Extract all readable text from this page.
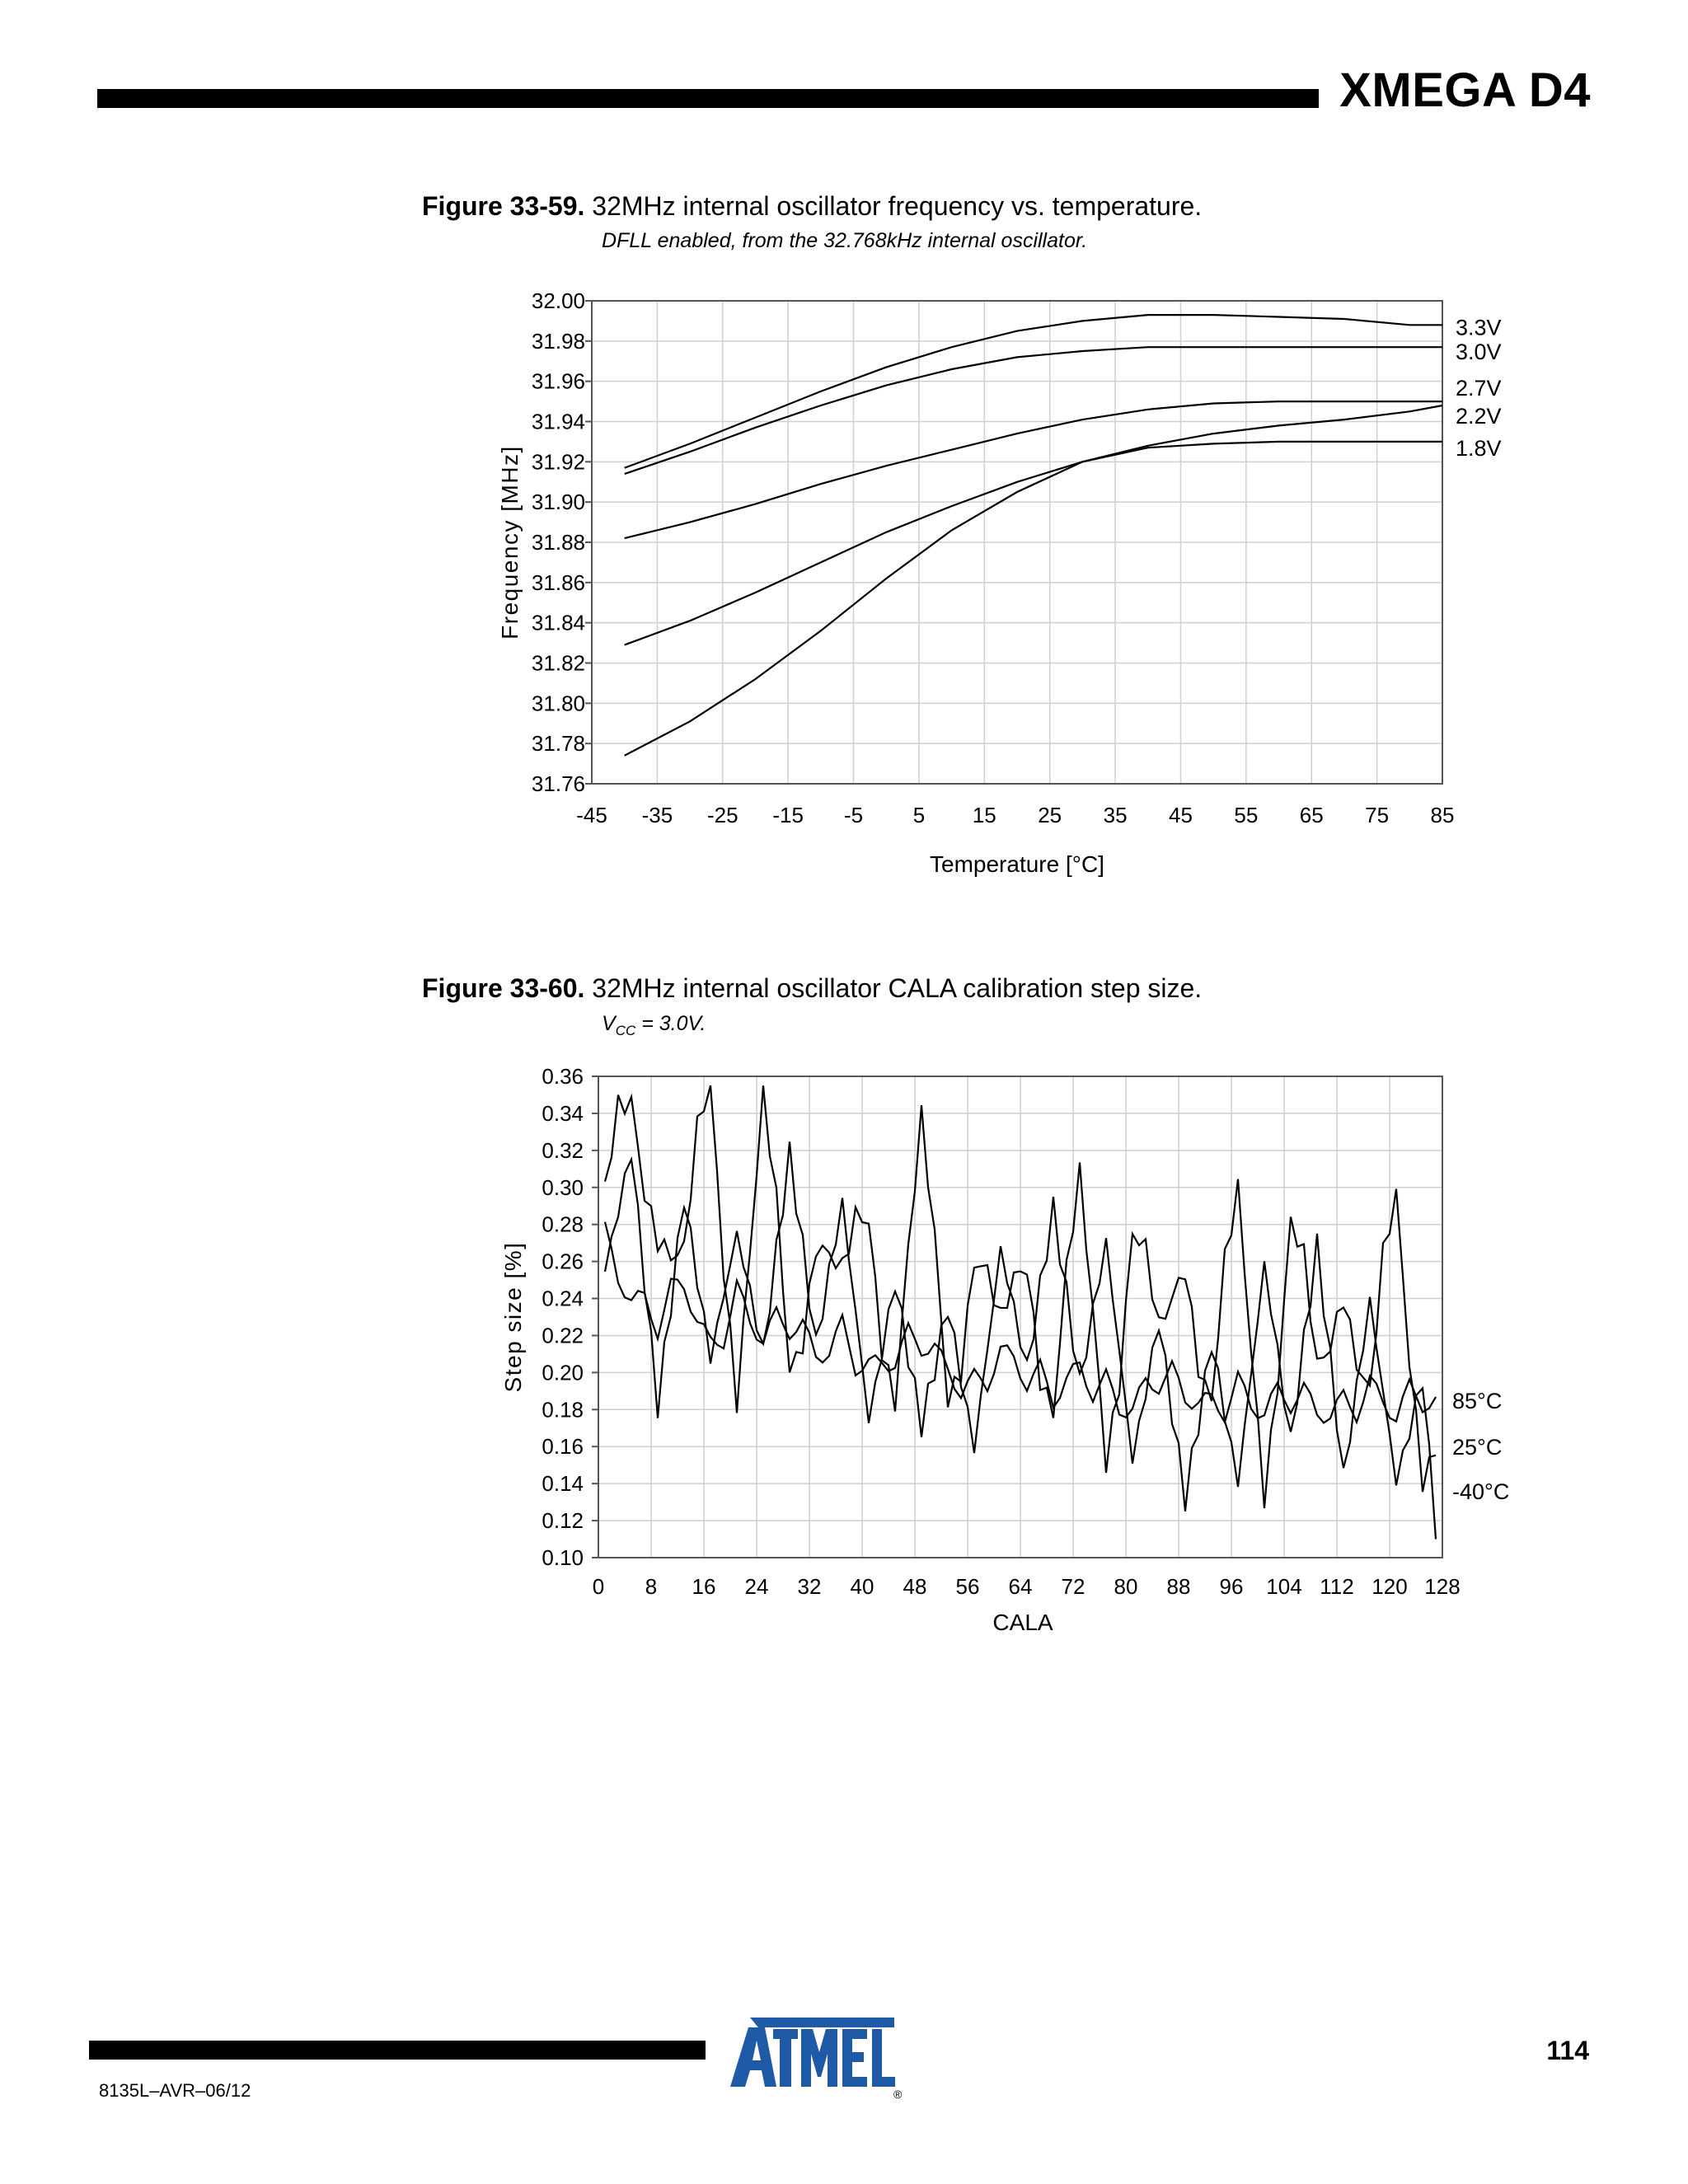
XMEGA D4
Figure 33-59. 32MHz internal oscillator frequency vs. temperature.
DFLL enabled, from the 32.768kHz internal oscillator.
Figure 33-60. 32MHz internal oscillator CALA calibration step size.
$V_{CC} = 3.0V$.
32.00
31.98
31.96
31.94
31.92
31.90
31.88
31.86
31.84
31.82
31.80
31.78
31.76
-45 -35 -25 -15 -5 5 15 25 35 45 55 65 75 85
Temperature [°C]
Frequency [MHz]
3.3V
3.0V
2.7V
2.2V
1.8V
0.36
0.34
0.32
0.30
0.28
0.26
0.24
0.22
0.20
0.18
0.16
0.14
0.12
0.10
0 8 16 24 32 40 48 56 64 72 80 88 96 104 112 120 128
CALA
Step size [%]
85°C
25°C
-40°C
114
8135L–AVR–06/12	®
